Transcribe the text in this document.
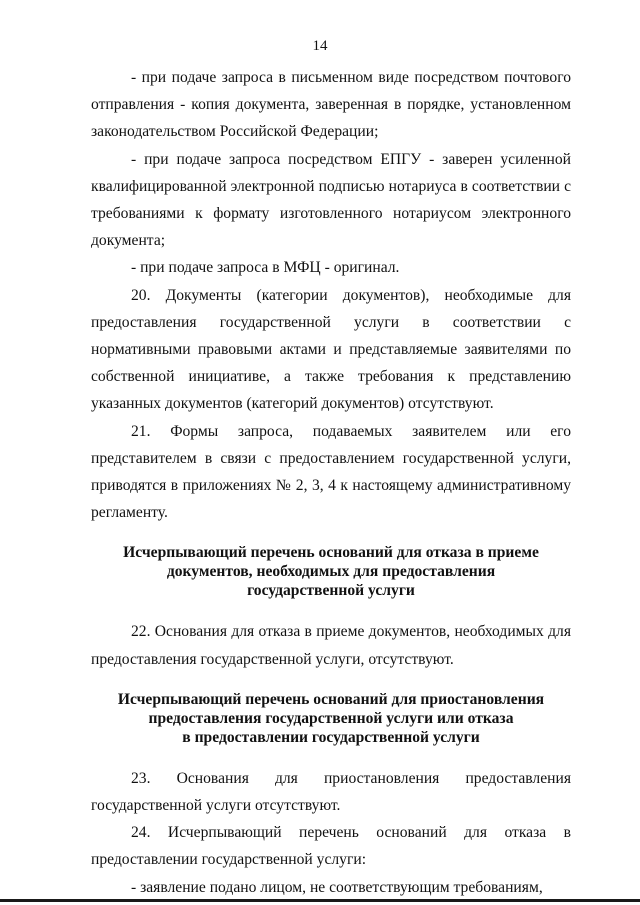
14

- при подаче запроса в письменном виде посредством почтового отправления - копия документа, заверенная в порядке, установленном законодательством Российской Федерации;

- при подаче запроса посредством ЕПГУ - заверен усиленной квалифицированной электронной подписью нотариуса в соответствии с требованиями к формату изготовленного нотариусом электронного документа;

- при подаче запроса в МФЦ - оригинал.

20. Документы (категории документов), необходимые для предоставления государственной услуги в соответствии с нормативными правовыми актами и представляемые заявителями по собственной инициативе, а также требования к представлению указанных документов (категорий документов) отсутствуют.

21. Формы запроса, подаваемых заявителем или его представителем в связи с предоставлением государственной услуги, приводятся в приложениях № 2, 3, 4 к настоящему административному регламенту.

Исчерпывающий перечень оснований для отказа в приеме
документов, необходимых для предоставления
государственной услуги

22. Основания для отказа в приеме документов, необходимых для предоставления государственной услуги, отсутствуют.

Исчерпывающий перечень оснований для приостановления
предоставления государственной услуги или отказа
в предоставлении государственной услуги

23. Основания для приостановления предоставления государственной услуги отсутствуют.

24. Исчерпывающий перечень оснований для отказа в предоставлении государственной услуги:

- заявление подано лицом, не соответствующим требованиям,
